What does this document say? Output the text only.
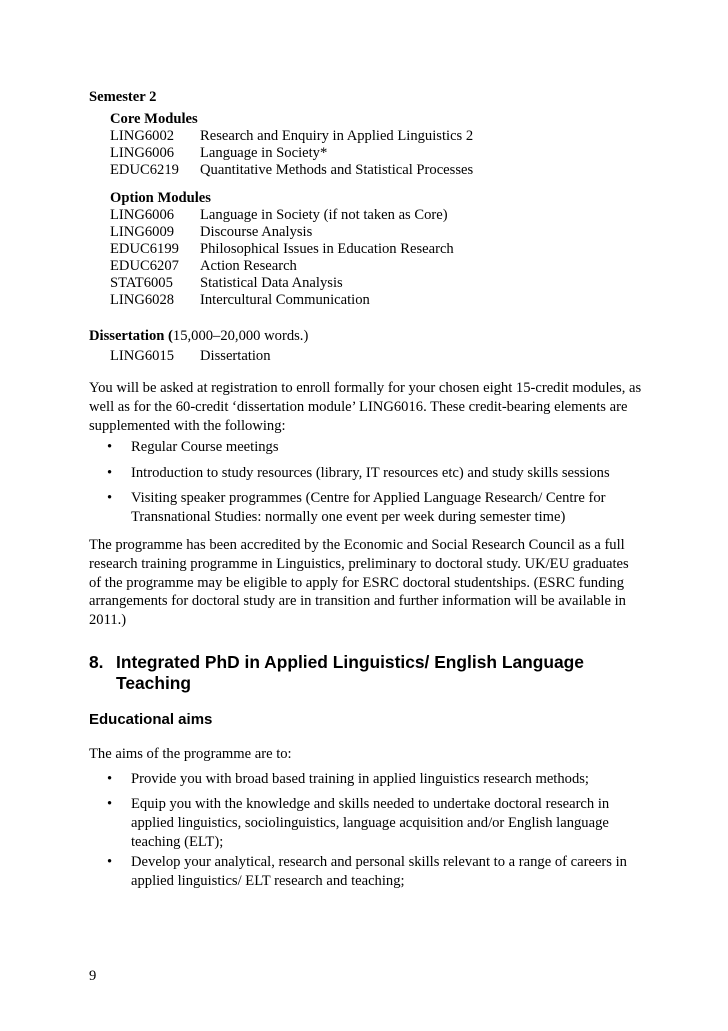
Semester 2
Core Modules
LING6002	Research and Enquiry in Applied Linguistics 2
LING6006	Language in Society*
EDUC6219	Quantitative Methods and Statistical Processes
Option Modules
LING6006	Language in Society (if not taken as Core)
LING6009	Discourse Analysis
EDUC6199	Philosophical Issues in Education Research
EDUC6207	Action Research
STAT6005	Statistical Data Analysis
LING6028	Intercultural Communication
Dissertation (15,000–20,000 words.)
LING6015	Dissertation
You will be asked at registration to enroll formally for your chosen eight 15-credit modules, as well as for the 60-credit ‘dissertation module’ LING6016. These credit-bearing elements are supplemented with the following:
•	Regular Course meetings
•	Introduction to study resources (library, IT resources etc) and study skills sessions
•	Visiting speaker programmes (Centre for Applied Language Research/ Centre for Transnational Studies: normally one event per week during semester time)
The programme has been accredited by the Economic and Social Research Council as a full research training programme in Linguistics, preliminary to doctoral study. UK/EU graduates of the programme may be eligible to apply for ESRC doctoral studentships. (ESRC funding arrangements for doctoral study are in transition and further information will be available in 2011.)
8. Integrated PhD in Applied Linguistics/ English Language
Teaching
Educational aims
The aims of the programme are to:
•	Provide you with broad based training in applied linguistics research methods;
•	Equip you with the knowledge and skills needed to undertake doctoral research in applied linguistics, sociolinguistics, language acquisition and/or English language teaching (ELT);
•	Develop your analytical, research and personal skills relevant to a range of careers in applied linguistics/ ELT research and teaching;
9
